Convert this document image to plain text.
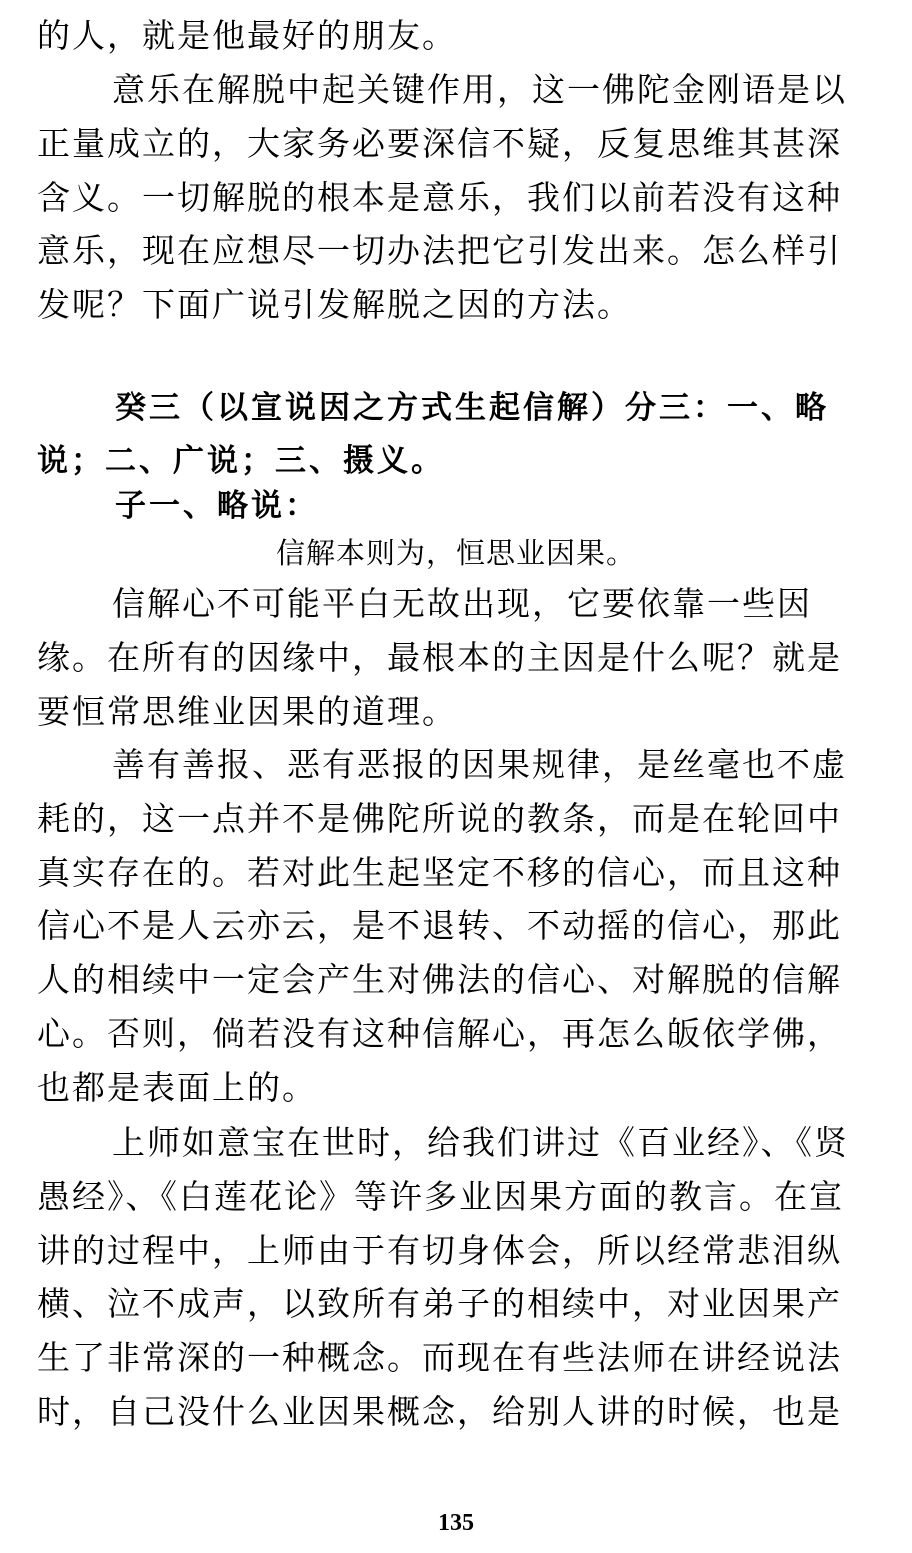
的人，就是他最好的朋友。

意乐在解脱中起关键作用，这一佛陀金刚语是以
正量成立的，大家务必要深信不疑，反复思维其甚深
含义。一切解脱的根本是意乐，我们以前若没有这种
意乐，现在应想尽一切办法把它引发出来。怎么样引
发呢？下面广说引发解脱之因的方法。

癸三（以宣说因之方式生起信解）分三：一、略
说；二、广说；三、摄义。

子一、略说：

信解本则为，恒思业因果。

信解心不可能平白无故出现，它要依靠一些因
缘。在所有的因缘中，最根本的主因是什么呢？就是
要恒常思维业因果的道理。

善有善报、恶有恶报的因果规律，是丝毫也不虚
耗的，这一点并不是佛陀所说的教条，而是在轮回中
真实存在的。若对此生起坚定不移的信心，而且这种
信心不是人云亦云，是不退转、不动摇的信心，那此
人的相续中一定会产生对佛法的信心、对解脱的信解
心。否则，倘若没有这种信解心，再怎么皈依学佛，
也都是表面上的。

上师如意宝在世时，给我们讲过《百业经》、《贤
愚经》、《白莲花论》等许多业因果方面的教言。在宣
讲的过程中，上师由于有切身体会，所以经常悲泪纵
横、泣不成声，以致所有弟子的相续中，对业因果产
生了非常深的一种概念。而现在有些法师在讲经说法
时，自己没什么业因果概念，给别人讲的时候，也是

135
